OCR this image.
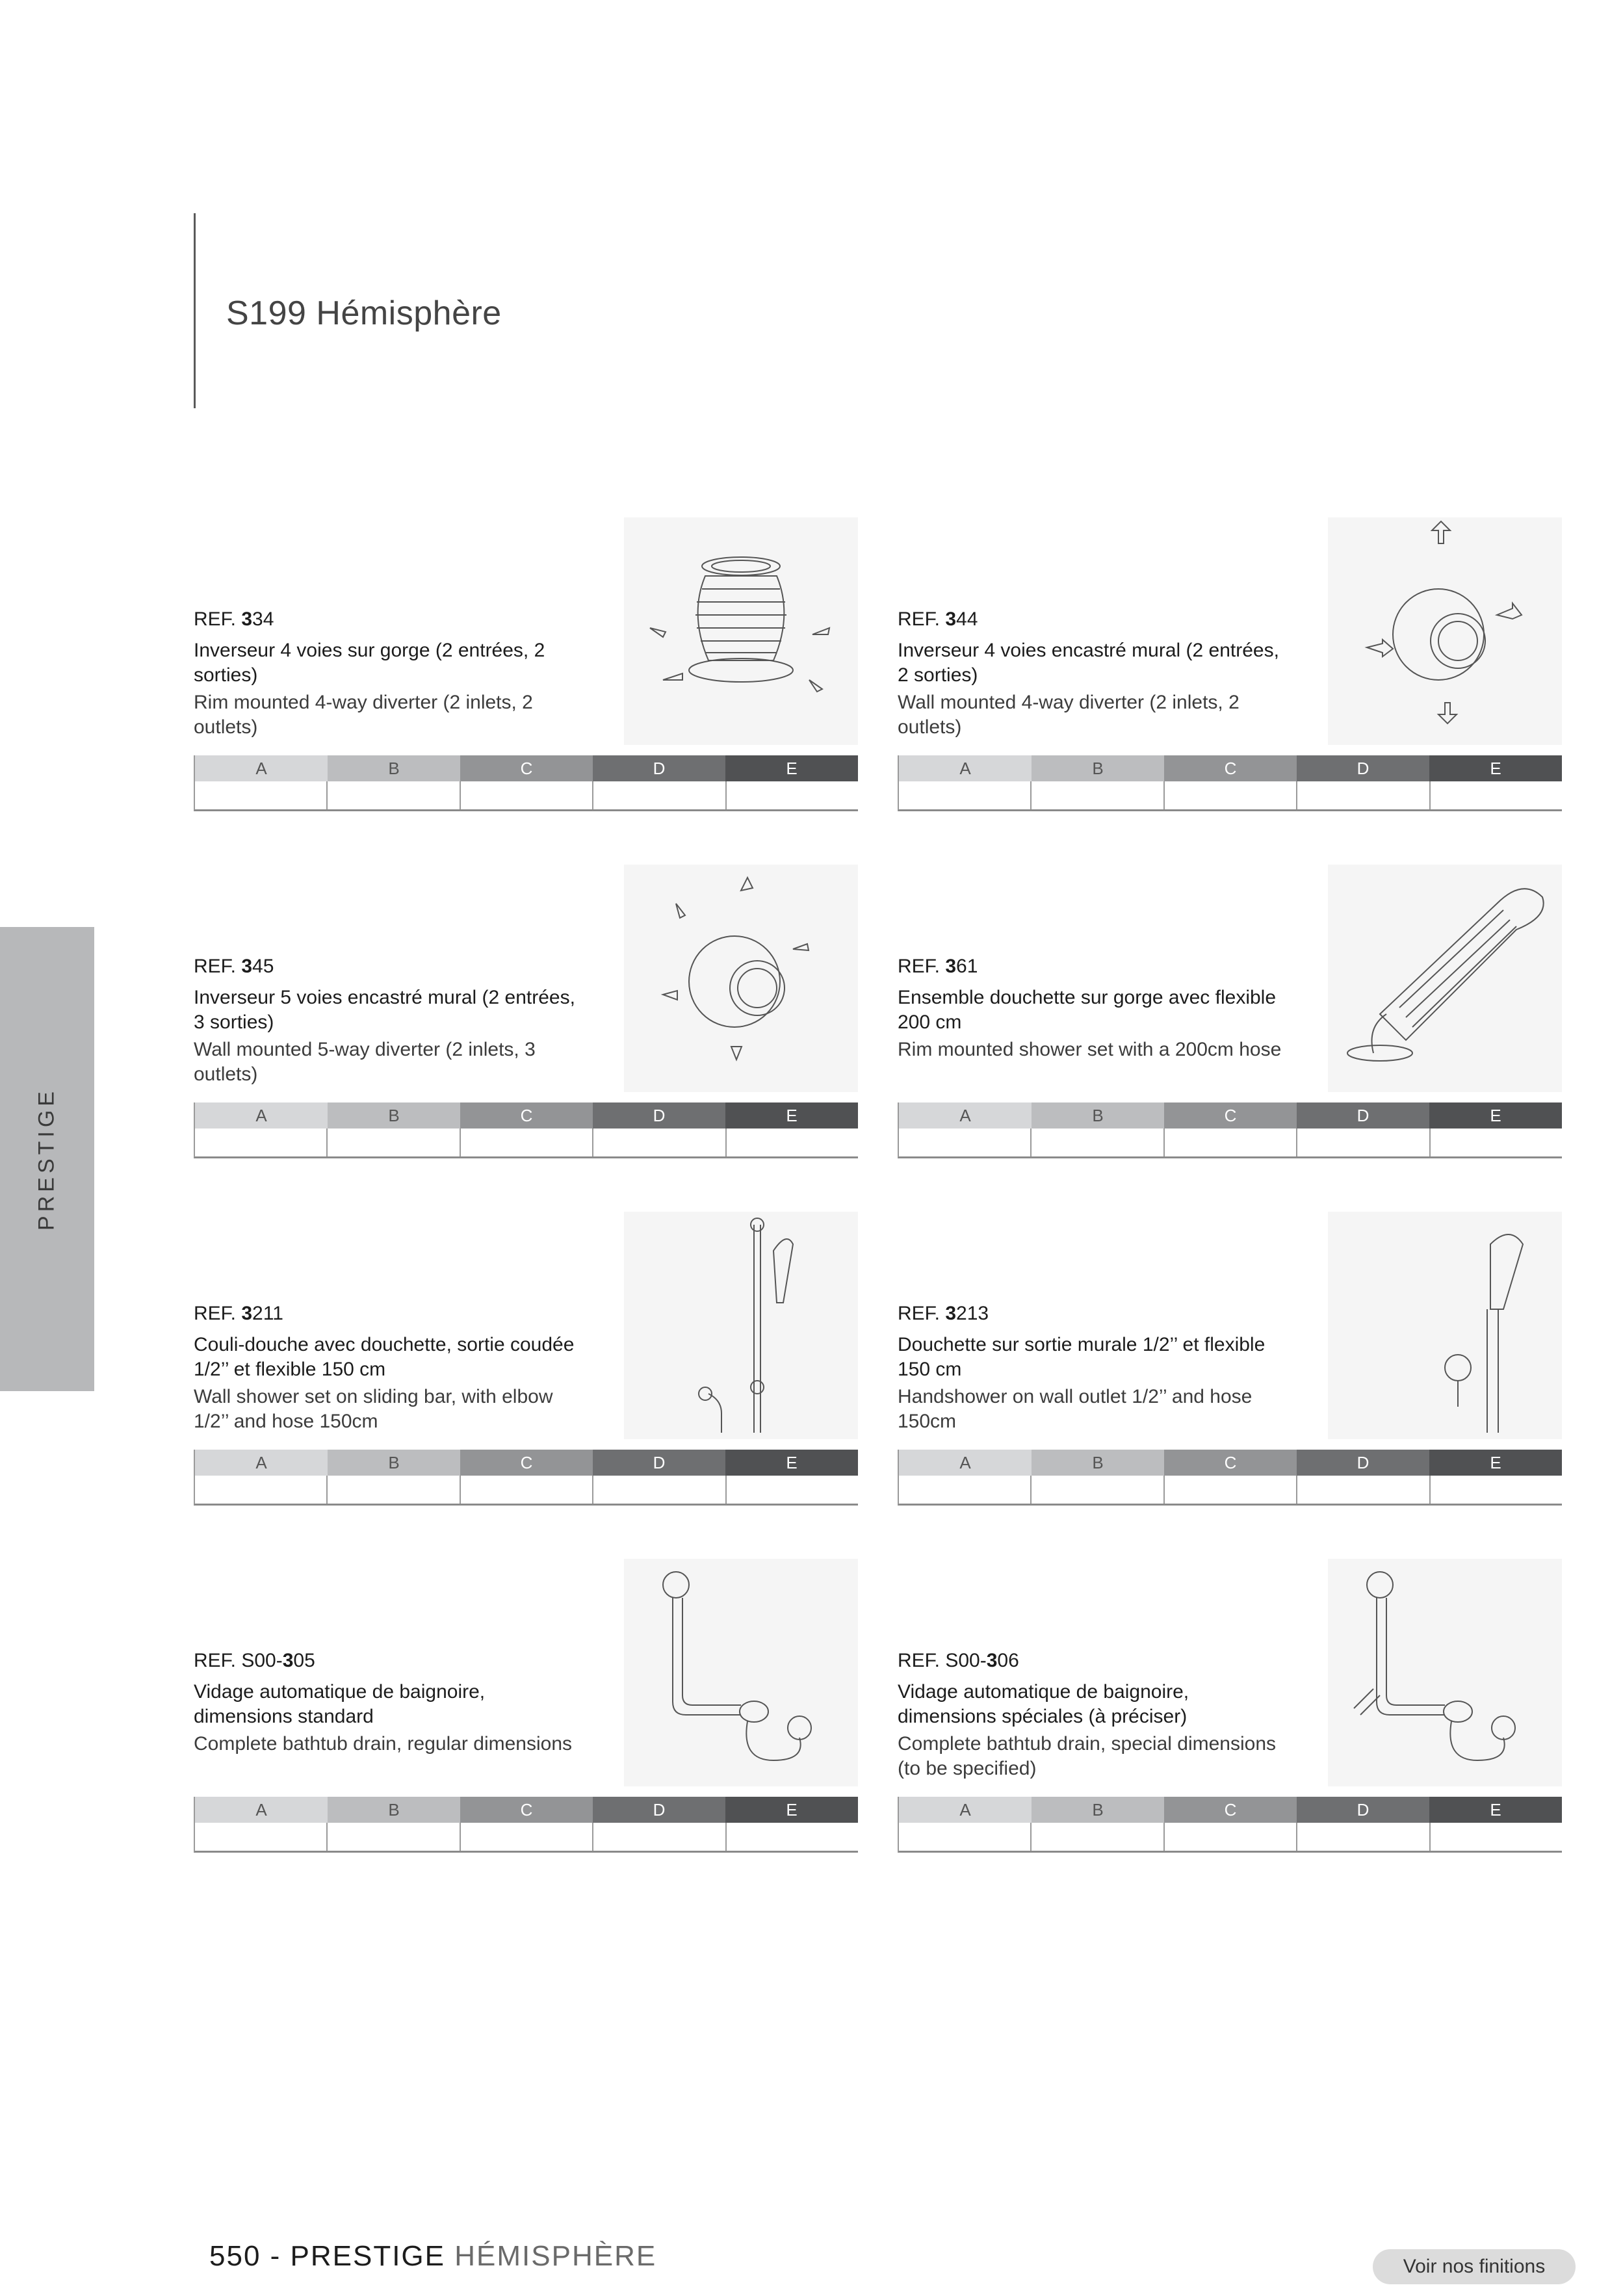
S199 Hémisphère
PRESTIGE
REF. 334
Inverseur 4 voies sur gorge (2 entrées, 2 sorties)
Rim mounted 4-way diverter (2 inlets, 2 outlets)
A	B	C	D	E
REF. 344
Inverseur 4 voies encastré mural (2 entrées, 2 sorties)
Wall mounted 4-way diverter (2 inlets, 2 outlets)
A	B	C	D	E
REF. 345
Inverseur 5 voies encastré mural (2 entrées, 3 sorties)
Wall mounted 5-way diverter (2 inlets, 3 outlets)
A	B	C	D	E
REF. 361
Ensemble douchette sur gorge avec flexible 200 cm
Rim mounted shower set with a 200cm hose
A	B	C	D	E
REF. 3211
Couli-douche avec douchette, sortie coudée 1/2’’ et flexible 150 cm
Wall shower set on sliding bar, with elbow 1/2’’ and hose 150cm
A	B	C	D	E
REF. 3213
Douchette sur sortie murale 1/2’’ et flexible 150 cm
Handshower on wall outlet 1/2’’ and hose 150cm
A	B	C	D	E
REF. S00-305
Vidage automatique de baignoire, dimensions standard
Complete bathtub drain, regular dimensions
A	B	C	D	E
REF. S00-306
Vidage automatique de baignoire, dimensions spéciales (à préciser)
Complete bathtub drain, special dimensions (to be specified)
A	B	C	D	E
550 - PRESTIGE HÉMISPHÈRE	Voir nos finitions
